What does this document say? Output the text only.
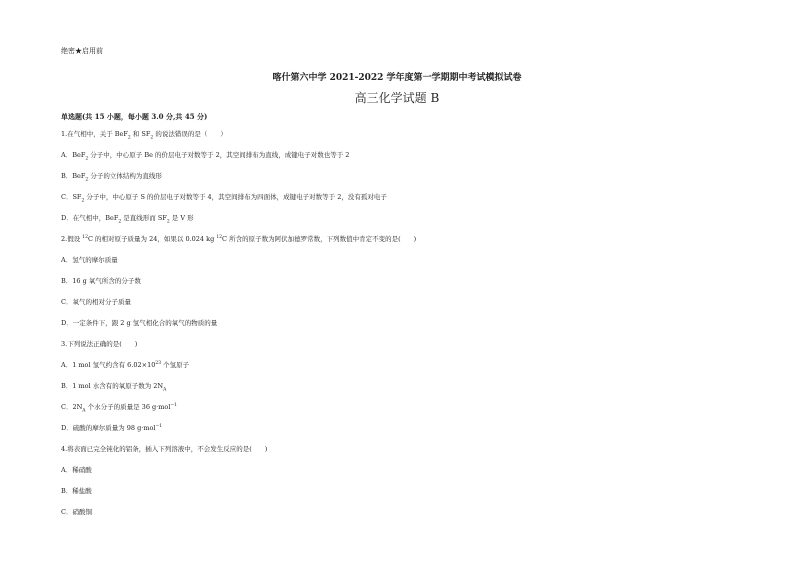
绝密★启用前
喀什第六中学 2021-2022 学年度第一学期期中考试模拟试卷
高三化学试题 B
单选题(共 15 小题，每小题 3.0 分,共 45 分)
1.在气相中，关于 BeF$_2$ 和 $SF_2$ 的说法错误的是（　　）
A．BeF$_2$ 分子中，中心原子 Be 的价层电子对数等于 2，其空间排布为直线，成键电子对数也等于 2
B．BeF$_2$ 分子的立体结构为直线形
C．$SF_2$ 分子中，中心原子 S 的价层电子对数等于 4，其空间排布为四面体，成键电子对数等于 2，没有孤对电子
D．在气相中，BeF$_2$ 是直线形而 $SF_2$ 是 V 形
2.假设 $^{12}$C 的相对原子质量为 24，如果以 0.024 kg $^{12}$C 所含的原子数为阿伏加德罗常数，下列数值中肯定不变的是(　　)
A．氢气的摩尔质量
B．16 g 氧气所含的分子数
C．氧气的相对分子质量
D．一定条件下，跟 2 g 氢气相化合的氧气的物质的量
3.下列说法正确的是(　　)
A．1 mol 氢气约含有 $6.02\times 10^{23}$ 个氢原子
B．1 mol 水含有的氧原子数为 $2N_A$
C．$2N_A$ 个水分子的质量是 36 g·mol$^{-1}$
D．硫酸的摩尔质量为 98 g·mol$^{-1}$
4.将表面已完全钝化的铝条，插入下列溶液中，不会发生反应的是(　　)
A．稀硝酸
B．稀盐酸
C．硝酸铜
